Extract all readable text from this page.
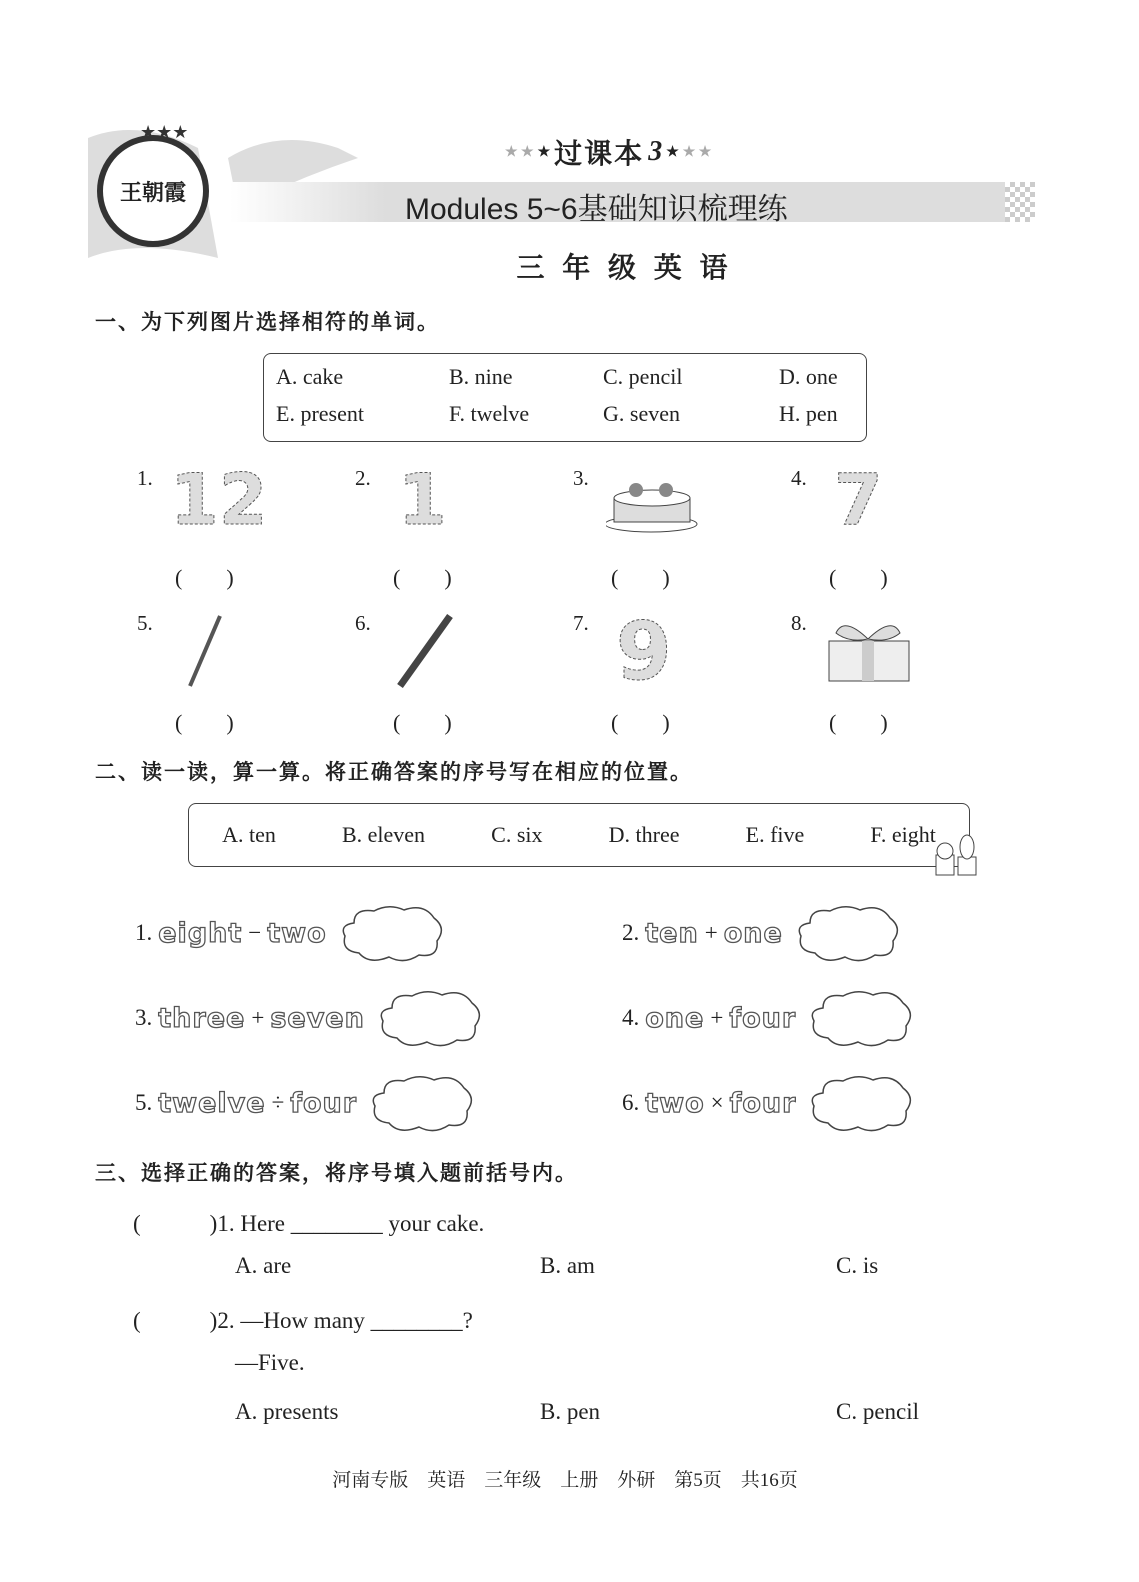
王朝霞
★★★
★ ★ ★ 过课本 3 ★ ★ ★
Modules 5~6基础知识梳理练
三 年 级 英 语
一、为下列图片选择相符的单词。
A. cake	B. nine	C. pencil	D. one
E. present	F. twelve	G. seven	H. pen
1. 12
(　　)
2. 1
(　　)
3.
(　　)
4. 7
(　　)
5.
(　　)
6.
(　　)
7. 9
(　　)
8.
(　　)
二、读一读，算一算。将正确答案的序号写在相应的位置。
A. ten	B. eleven	C. six	D. three	E. five	F. eight
1. eight − two	2. ten + one
3. three + seven	4. one + four
5. twelve ÷ four	6. two × four
三、选择正确的答案，将序号填入题前括号内。
(　　　)1. Here ________ your cake.
A. are	B. am	C. is
(　　　)2. —How many ________?
—Five.
A. presents	B. pen	C. pencil
河南专版　英语　三年级　上册　外研　第5页　共16页
